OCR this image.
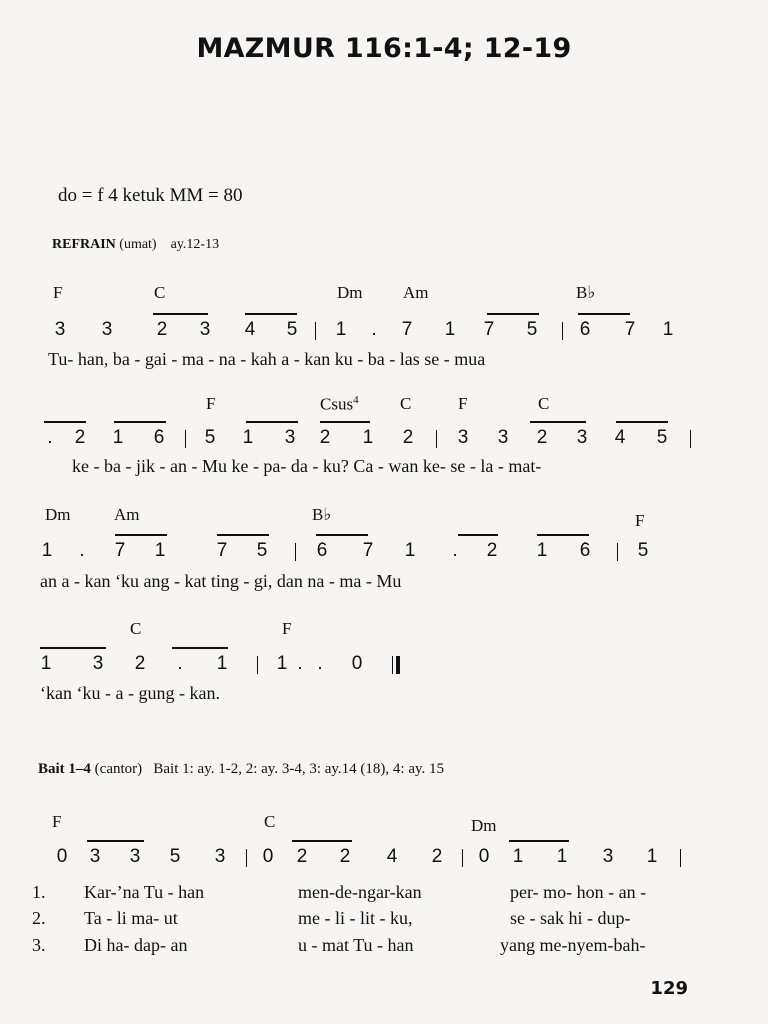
MAZMUR 116:1-4; 12-19
do = f 4 ketuk MM = 80
REFRAIN (umat) ay.12-13
F	C	Dm Am	B♭
3 3 2 3 4 5 1 . 7 . 1 7 . 5 . 6 . 7 . 1
Tu- han, ba - gai - ma - na - kah a - kan ku - ba - las se - mua
F	Csus$^4$ C	F	C
. 2 1 6 . 5 . 1 3 2 1 2 3 3 2 3 4 5
ke - ba - jik - an - Mu ke - pa- da - ku? Ca - wan ke- se - la - mat-
Dm	Am	B♭	F
1 . 7 . 1	7 . 5 .	6 . 7 . 1 . 2 1 6 . 5 .
an a - kan ‘ku ang - kat ting - gi, dan na - ma - Mu
C	F
1 3 2 . 1	1 . . 0
‘kan ‘ku - a - gung - kan.
Bait 1–4 (cantor) Bait 1: ay. 1-2, 2: ay. 3-4, 3: ay.14 (18), 4: ay. 15
F	C	Dm
0 3 3 5 3 0 2 2 4 2 0 1 1 3 1
1. Kar-’na Tu - han	men-de-ngar-kan	per- mo- hon - an -
2. Ta - li ma- ut	me - li - lit - ku,	se - sak hi - dup-
3. Di ha- dap- an	u - mat Tu - han	yang me-nyem-bah-
129
